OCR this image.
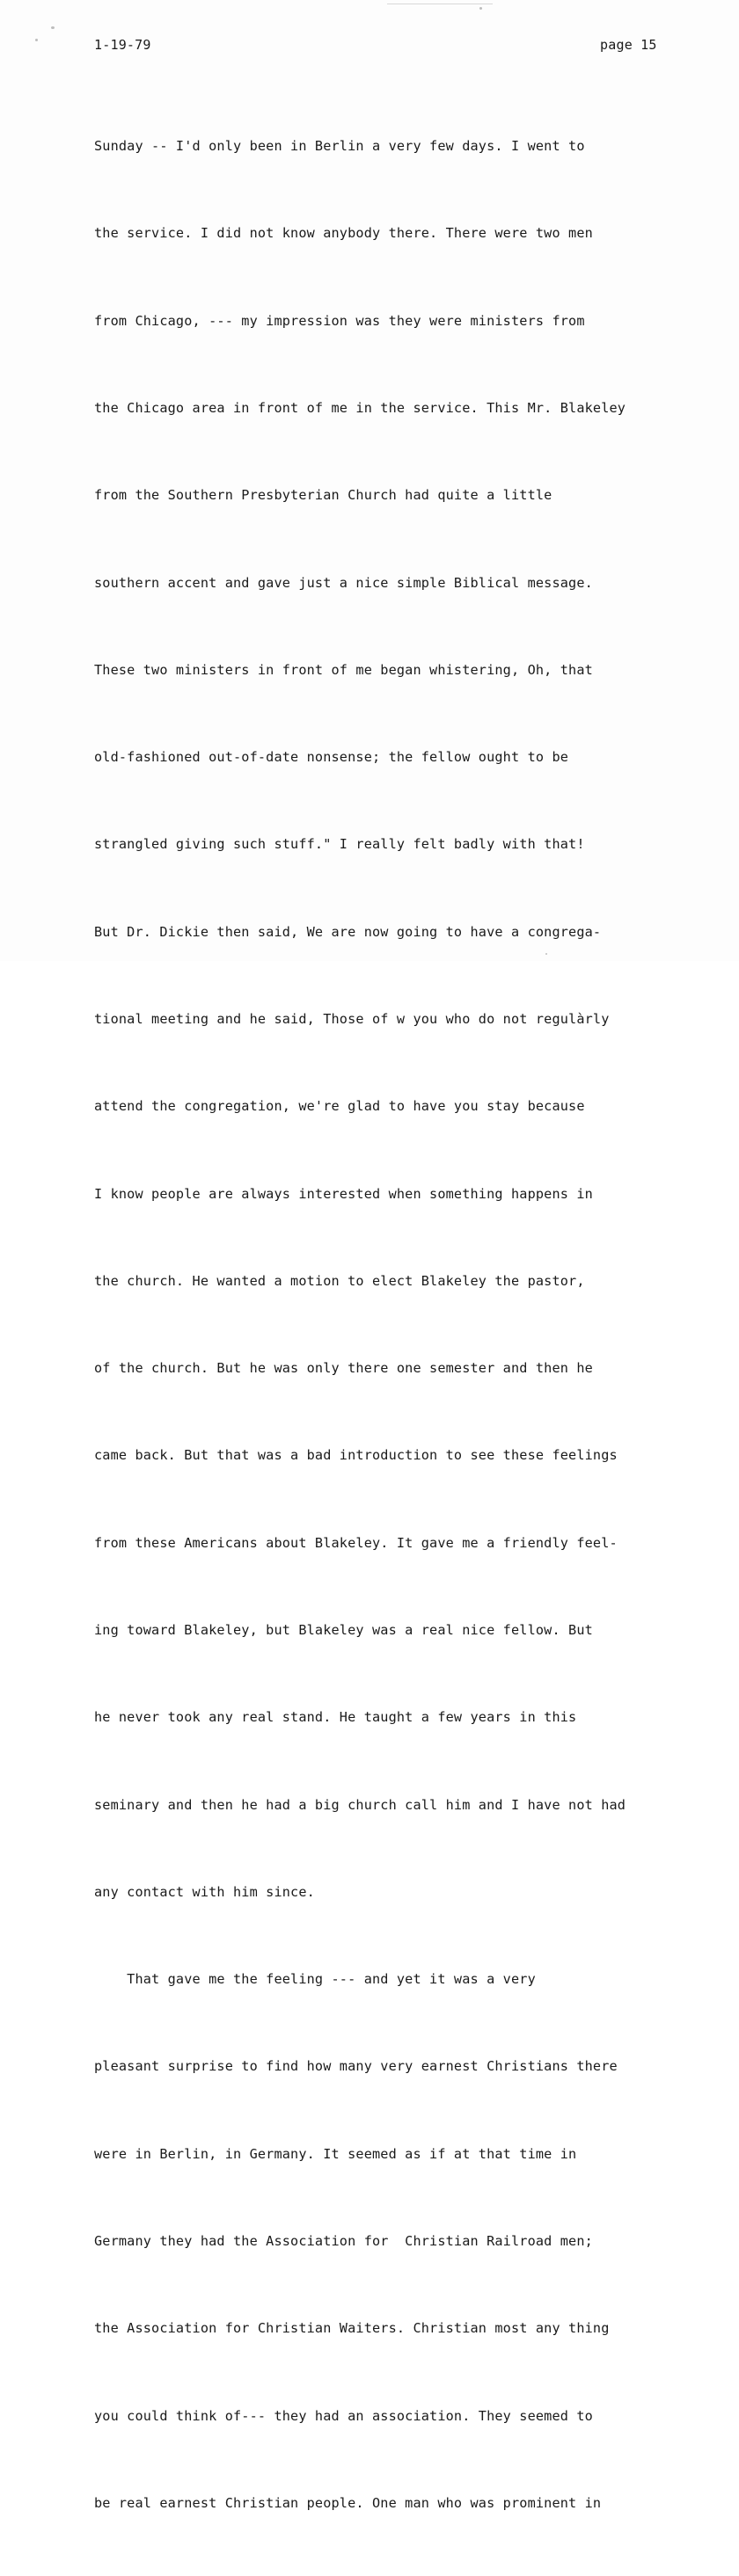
1-19-79	page 15

Sunday -- I'd only been in Berlin a very few days. I went to

the service. I did not know anybody there. There were two men

from Chicago, --- my impression was they were ministers from

the Chicago area in front of me in the service. This Mr. Blakeley

from the Southern Presbyterian Church had quite a little

southern accent and gave just a nice simple Biblical message.

These two ministers in front of me began whistering, Oh, that

old-fashioned out-of-date nonsense; the fellow ought to be

strangled giving such stuff." I really felt badly with that!

But Dr. Dickie then said, We are now going to have a congrega-

tional meeting and he said, Those of w you who do not regulàrly

attend the congregation, we're glad to have you stay because

I know people are always interested when something happens in

the church. He wanted a motion to elect Blakeley the pastor,

of the church. But he was only there one semester and then he

came back. But that was a bad introduction to see these feelings

from these Americans about Blakeley. It gave me a friendly feel-

ing toward Blakeley, but Blakeley was a real nice fellow. But

he never took any real stand. He taught a few years in this

seminary and then he had a big church call him and I have not had

any contact with him since.

That gave me the feeling --- and yet it was a very

pleasant surprise to find how many very earnest Christians there

were in Berlin, in Germany. It seemed as if at that time in

Germany they had the Association for  Christian Railroad men;

the Association for Christian Waiters. Christian most any thing

you could think of--- they had an association. They seemed to

be real earnest Christian people. One man who was prominent in
